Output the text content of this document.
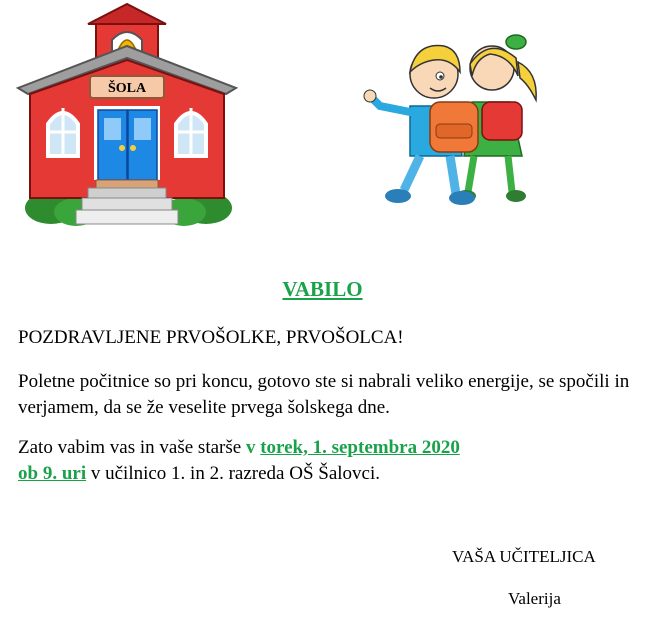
ŠOLA
VABILO
POZDRAVLJENE PRVOŠOLKE, PRVOŠOLCA!
Poletne počitnice so pri koncu, gotovo ste si nabrali veliko energije, se spočili in verjamem, da se že veselite prvega šolskega dne.
Zato vabim vas in vaše starše v torek, 1. septembra 2020
ob 9. uri v učilnico 1. in 2. razreda OŠ Šalovci.
VAŠA UČITELJICA
Valerija
